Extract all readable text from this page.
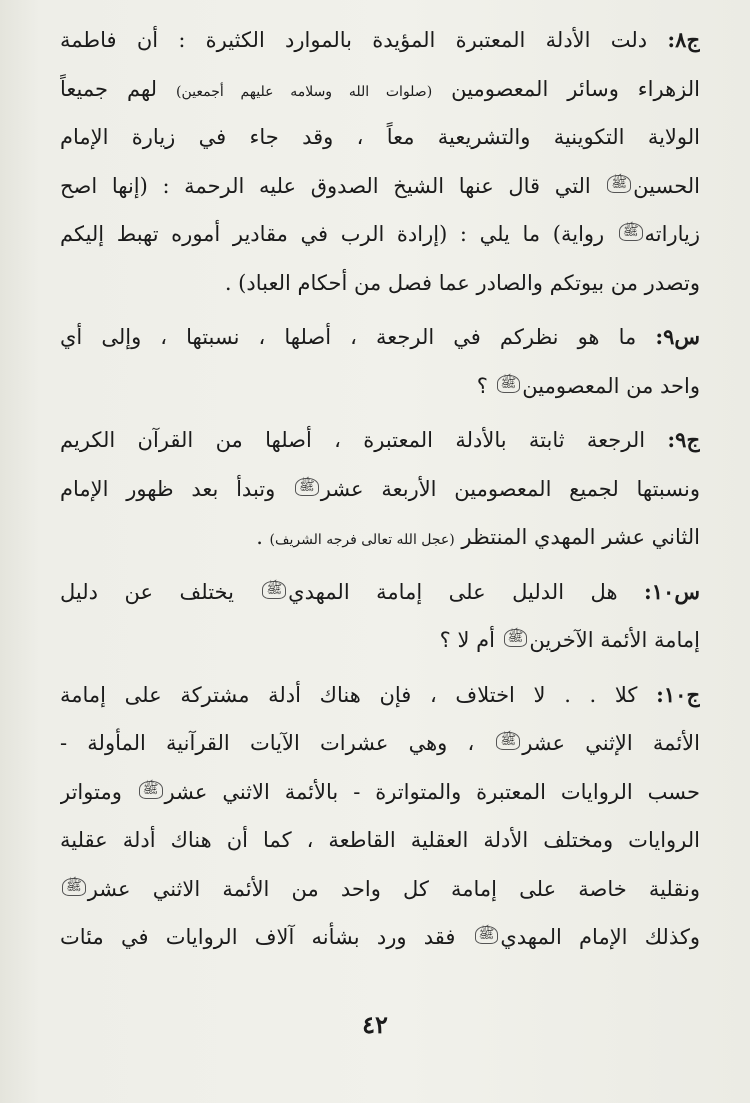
ج٨: دلت الأدلة المعتبرة المؤيدة بالموارد الكثيرة : أن فاطمة
الزهراء وسائر المعصومين (صلوات الله وسلامه عليهم أجمعين) لهم جميعاً
الولاية التكوينية والتشريعية معاً ، وقد جاء في زيارة الإمام
الحسينﷺ التي قال عنها الشيخ الصدوق عليه الرحمة : (إنها اصح
زياراتهﷺ رواية) ما يلي : (إرادة الرب في مقادير أموره تهبط إليكم
وتصدر من بيوتكم والصادر عما فصل من أحكام العباد) .
س٩: ما هو نظركم في الرجعة ، أصلها ، نسبتها ، وإلى أي
واحد من المعصومينﷺ ؟
ج٩: الرجعة ثابتة بالأدلة المعتبرة ، أصلها من القرآن الكريم
ونسبتها لجميع المعصومين الأربعة عشرﷺ وتبدأ بعد ظهور الإمام
الثاني عشر المهدي المنتظر (عجل الله تعالى فرجه الشريف) .
س١٠: هل الدليل على إمامة المهديﷺ يختلف عن دليل
إمامة الأئمة الآخرينﷺ أم لا ؟
ج١٠: كلا . . لا اختلاف ، فإن هناك أدلة مشتركة على إمامة
الأئمة الإثني عشرﷺ ، وهي عشرات الآيات القرآنية المأولة -
حسب الروايات المعتبرة والمتواترة - بالأئمة الاثني عشرﷺ ومتواتر
الروايات ومختلف الأدلة العقلية القاطعة ، كما أن هناك أدلة عقلية
ونقلية خاصة على إمامة كل واحد من الأئمة الاثني عشرﷺ
وكذلك الإمام المهديﷺ فقد ورد بشأنه آلاف الروايات في مئات
٤٢
